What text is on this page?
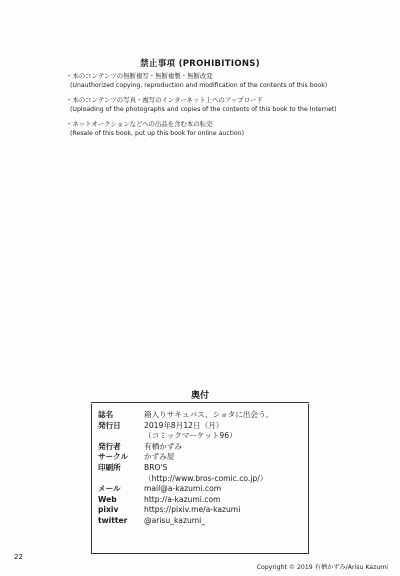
禁止事項 (PROHIBITIONS)
・本のコンテンツの無断複写・無断複製・無断改変
(Unauthorized copying, reproduction and modification of the contents of this book)
・本のコンテンツの写真・複写のインターネット上へのアップロード
(Uploading of the photographs and copies of the contents of this book to the Internet)
・ネットオークションなどへの出品を含む本の転売
(Resale of this book, put up this book for online auction)
奥付
誌名	箱入りサキュバス、ショタに出会う。
発行日	2019年8月12日（月）
（コミックマーケット96）
発行者	有栖かずみ
サークル	かずみ屋
印刷所	BRO'S
（http://www.bros-comic.co.jp/）
メール	mail@a-kazumi.com
Web	http://a-kazumi.com
pixiv	https://pixiv.me/a-kazumi
twitter	@arisu_kazumi_
22
Copyright © 2019 有栖かずみ/Arisu Kazumi
